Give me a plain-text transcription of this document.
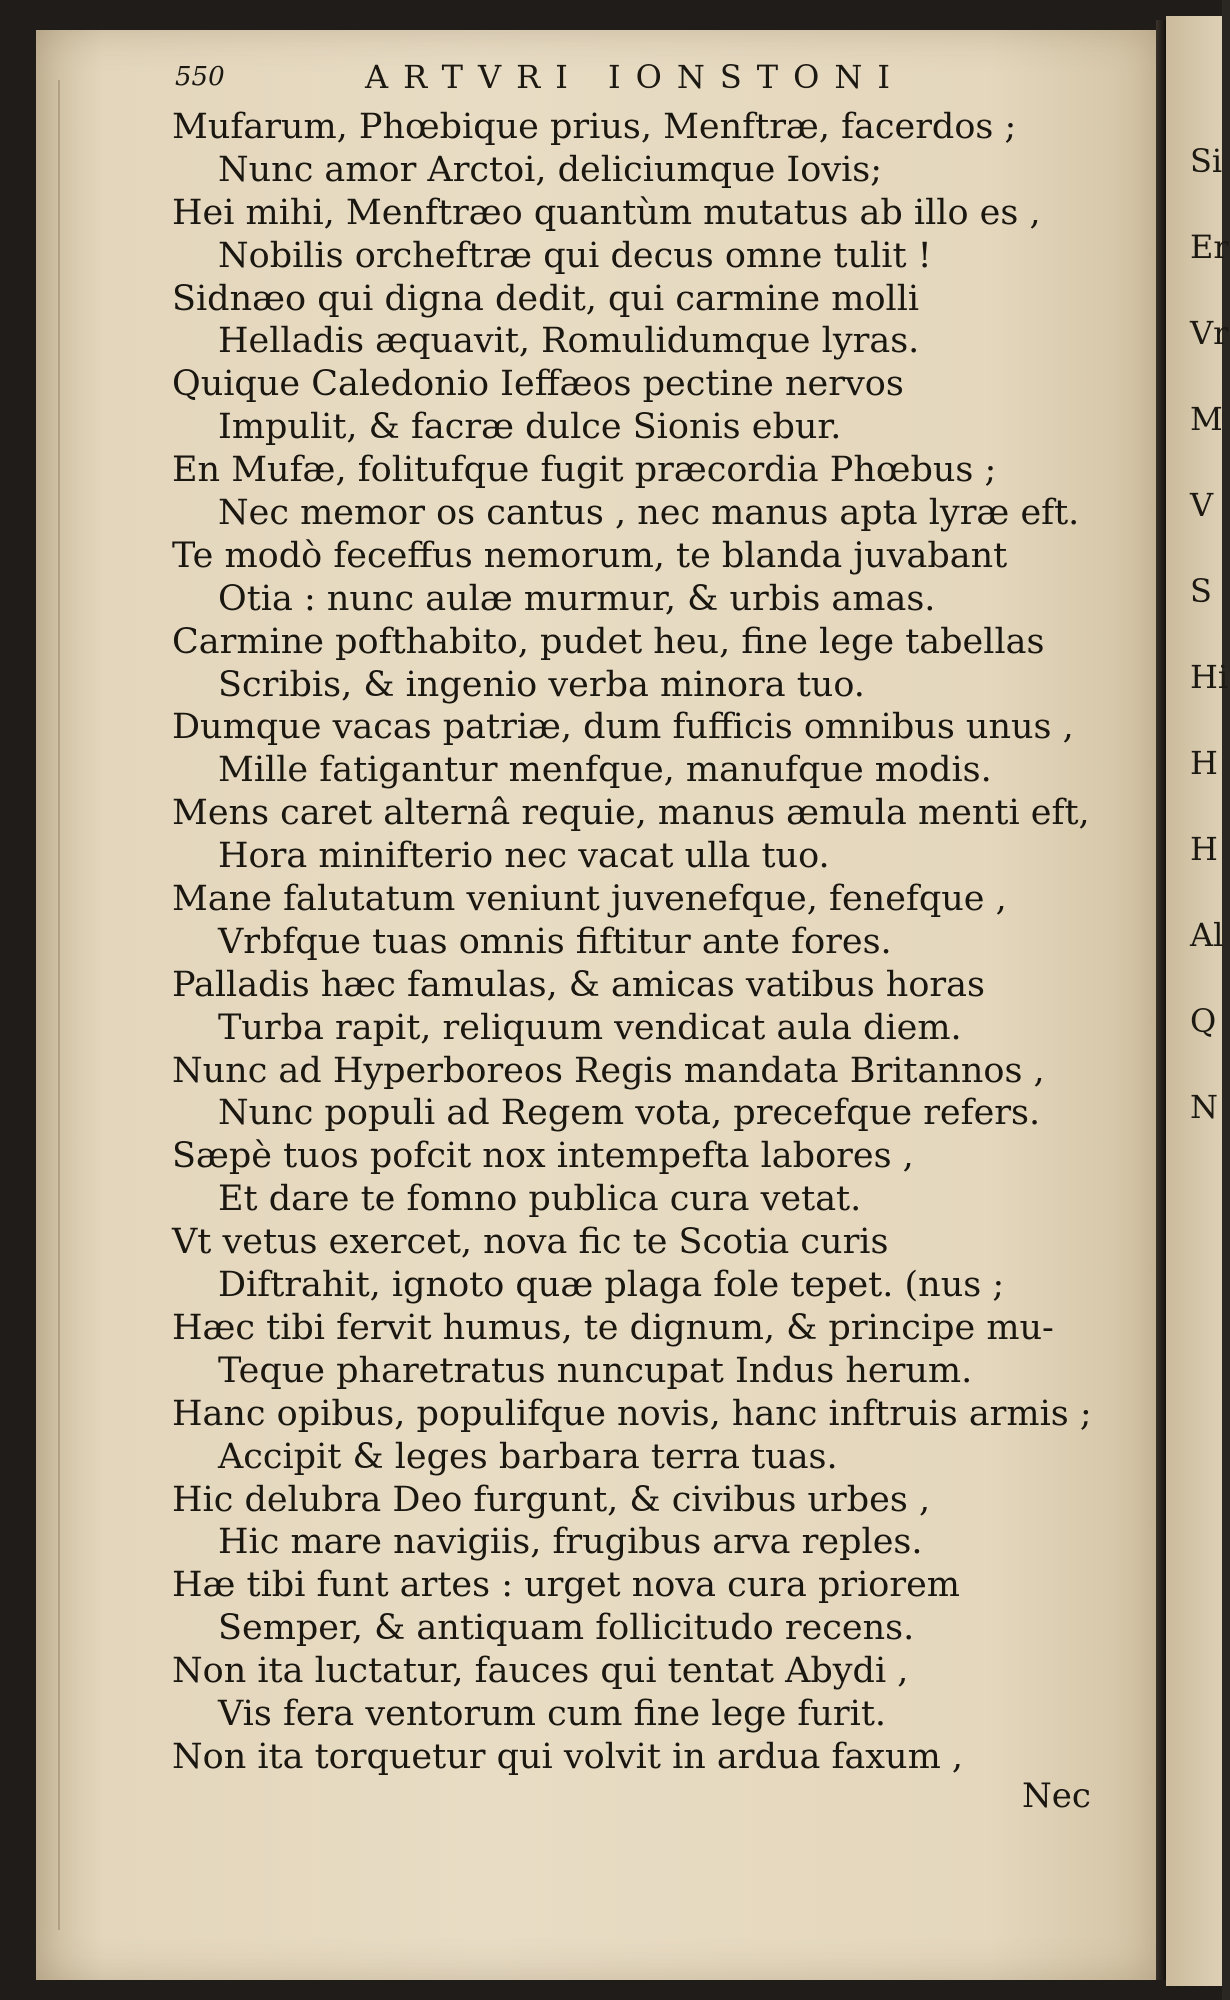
550	ARTVRI IONSTONI
Mufarum, Phœbique prius, Menftræ, facerdos ;
Nunc amor Arctoi, deliciumque Iovis;
Hei mihi, Menftræo quantùm mutatus ab illo es ,
Nobilis orcheftræ qui decus omne tulit !
Sidnæo qui digna dedit, qui carmine molli
Helladis æquavit, Romulidumque lyras.
Quique Caledonio Ieffæos pectine nervos
Impulit, & facræ dulce Sionis ebur.
En Mufæ, folitufque fugit præcordia Phœbus ;
Nec memor os cantus , nec manus apta lyræ eft.
Te modò feceffus nemorum, te blanda juvabant
Otia : nunc aulæ murmur, & urbis amas.
Carmine pofthabito, pudet heu, fine lege tabellas
Scribis, & ingenio verba minora tuo.
Dumque vacas patriæ, dum fufficis omnibus unus ,
Mille fatigantur menfque, manufque modis.
Mens caret alternâ requie, manus æmula menti eft,
Hora minifterio nec vacat ulla tuo.
Mane falutatum veniunt juvenefque, fenefque ,
Vrbfque tuas omnis fiftitur ante fores.
Palladis hæc famulas, & amicas vatibus horas
Turba rapit, reliquum vendicat aula diem.
Nunc ad Hyperboreos Regis mandata Britannos ,
Nunc populi ad Regem vota, precefque refers.
Sæpè tuos pofcit nox intempefta labores ,
Et dare te fomno publica cura vetat.
Vt vetus exercet, nova fic te Scotia curis
Diftrahit, ignoto quæ plaga fole tepet. (nus ;
Hæc tibi fervit humus, te dignum, & principe mu-
Teque pharetratus nuncupat Indus herum.
Hanc opibus, populifque novis, hanc inftruis armis ;
Accipit & leges barbara terra tuas.
Hic delubra Deo furgunt, & civibus urbes ,
Hic mare navigiis, frugibus arva reples.
Hæ tibi funt artes : urget nova cura priorem
Semper, & antiquam follicitudo recens.
Non ita luctatur, fauces qui tentat Abydi ,
Vis fera ventorum cum fine lege furit.
Non ita torquetur qui volvit in ardua faxum ,
Nec
Si
Er
Vr
M
V
S
Hi
H
H
Al
Q
N
